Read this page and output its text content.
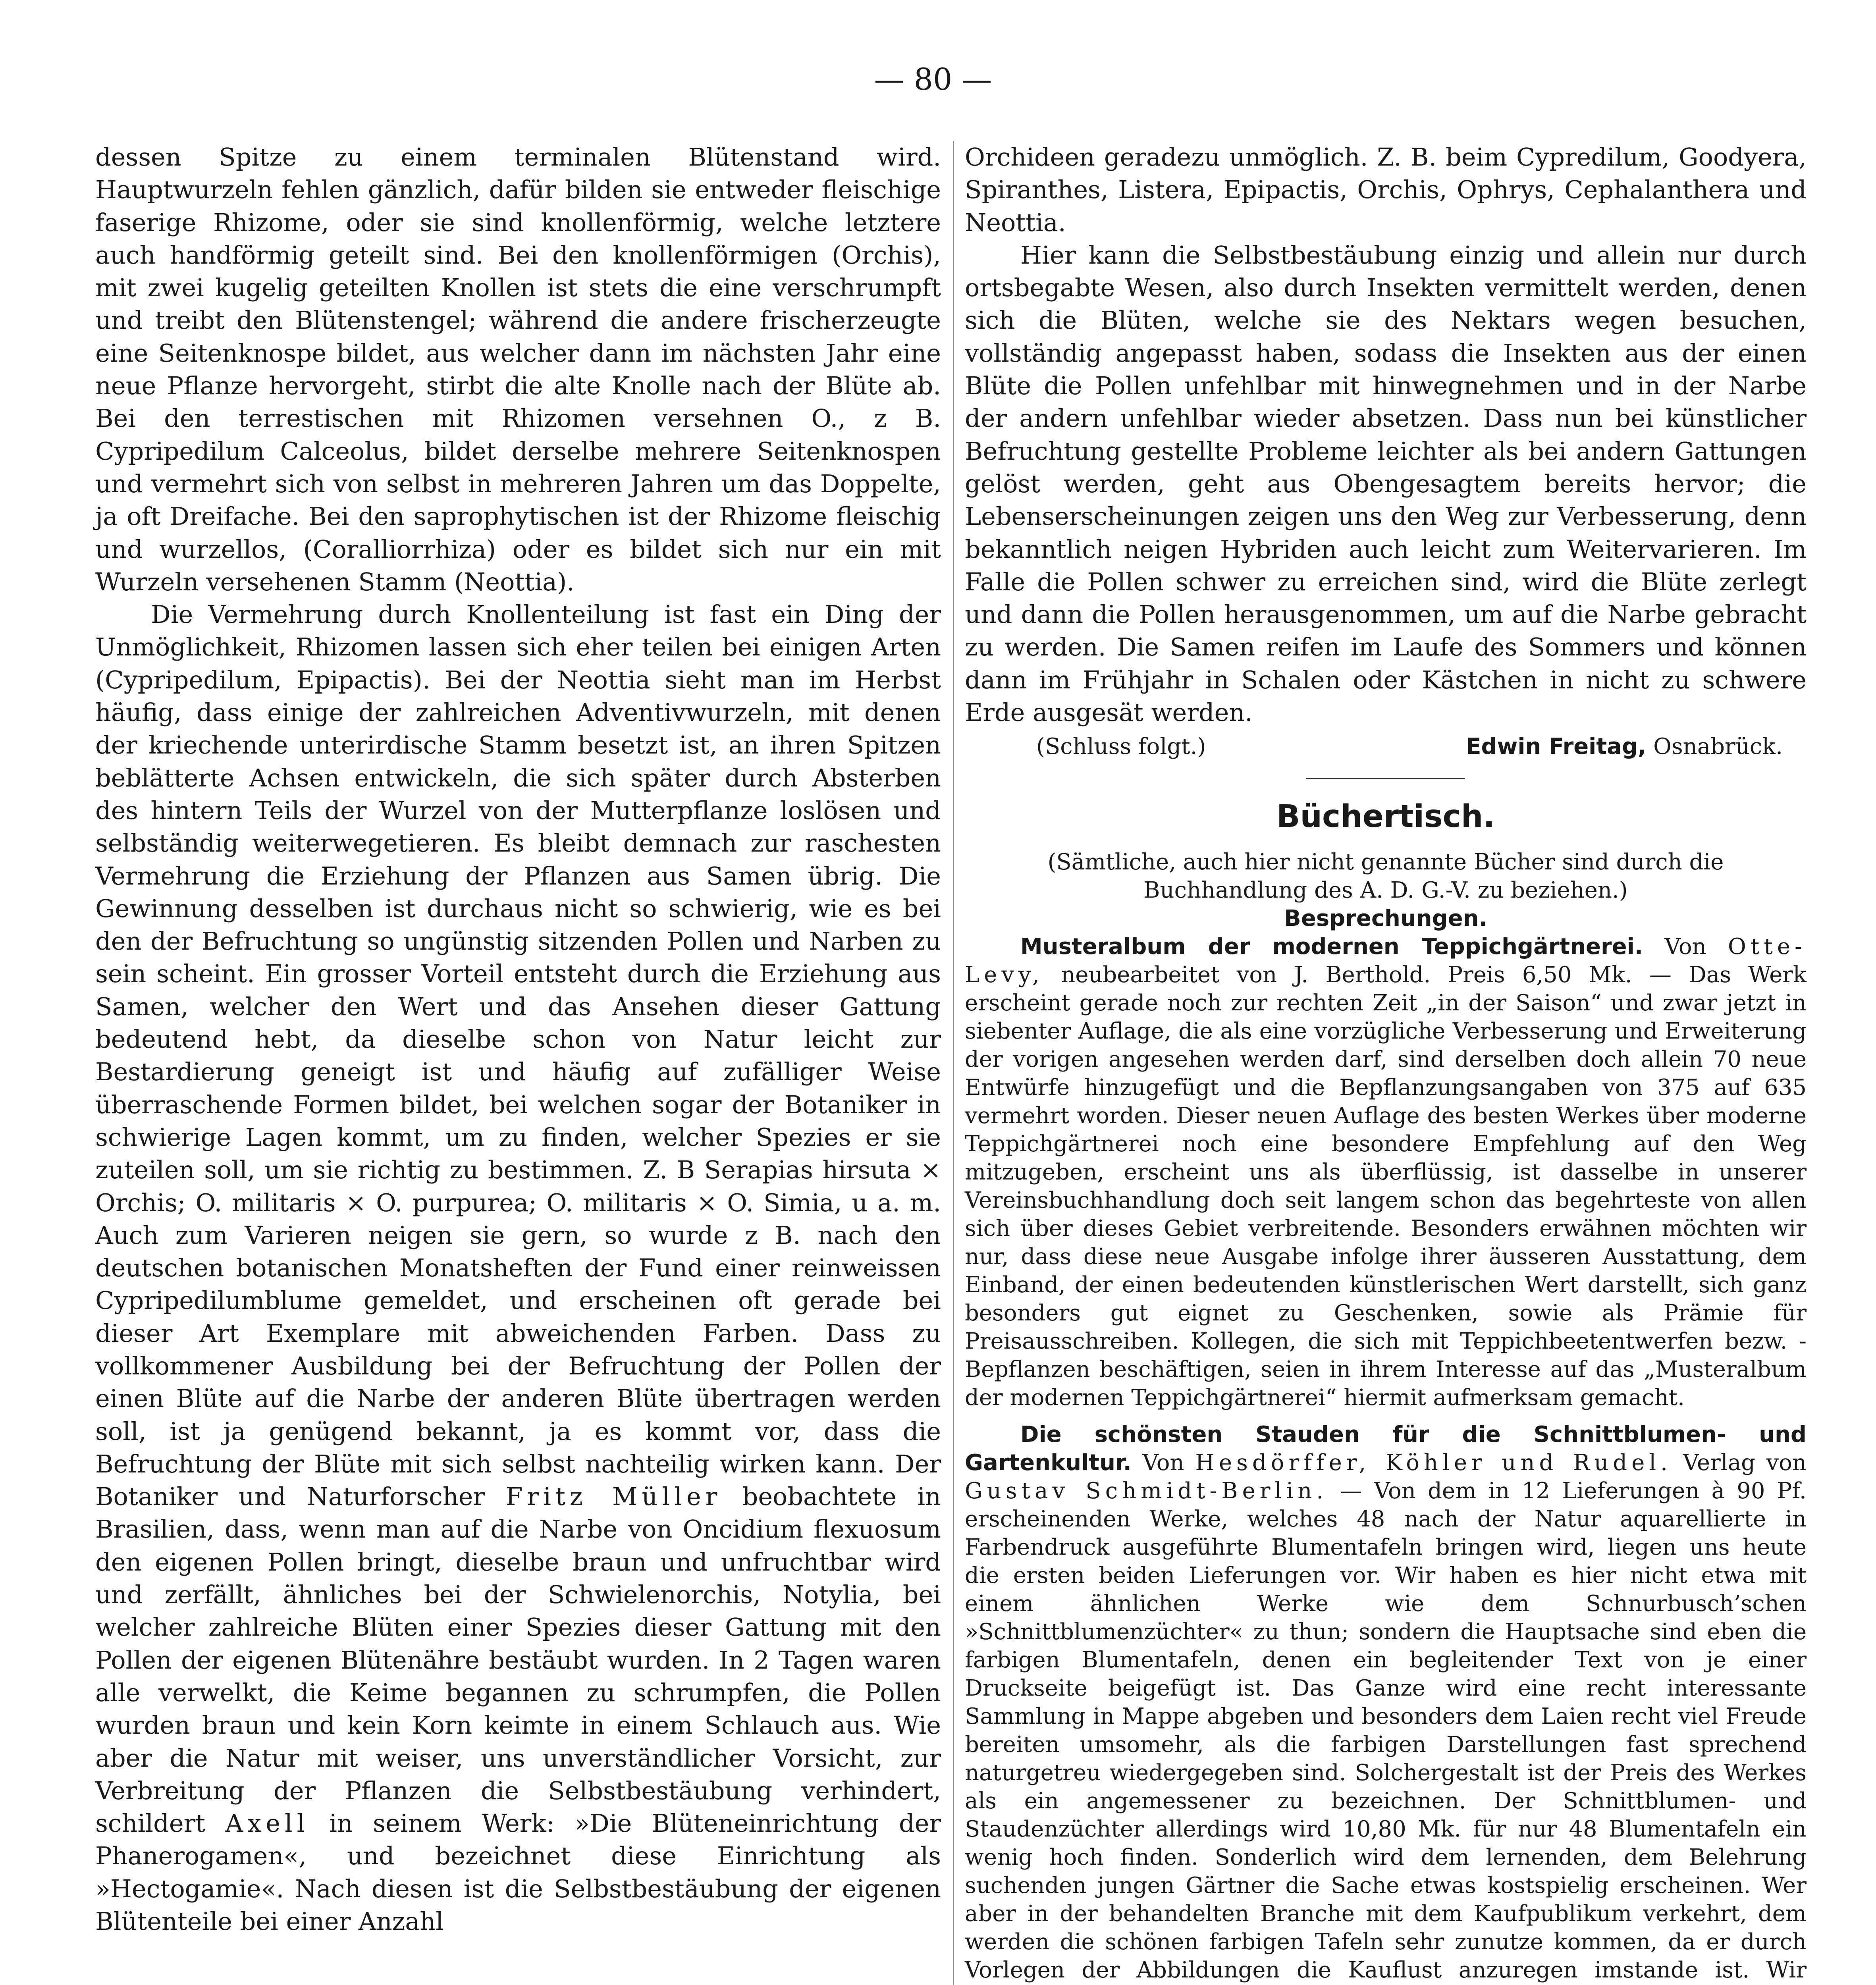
— 80 —

dessen Spitze zu einem terminalen Blütenstand wird. Hauptwurzeln fehlen gänzlich, dafür bilden sie entweder fleischige faserige Rhizome, oder sie sind knollenförmig, welche letztere auch handförmig geteilt sind. Bei den knollenförmigen (Orchis), mit zwei kugelig geteilten Knollen ist stets die eine verschrumpft und treibt den Blütenstengel; während die andere frischerzeugte eine Seitenknospe bildet, aus welcher dann im nächsten Jahr eine neue Pflanze hervorgeht, stirbt die alte Knolle nach der Blüte ab. Bei den terrestischen mit Rhizomen versehnen O., z B. Cypripedilum Calceolus, bildet derselbe mehrere Seitenknospen und vermehrt sich von selbst in mehreren Jahren um das Doppelte, ja oft Dreifache. Bei den saprophytischen ist der Rhizome fleischig und wurzellos, (Coralliorrhiza) oder es bildet sich nur ein mit Wurzeln versehenen Stamm (Neottia).

Die Vermehrung durch Knollenteilung ist fast ein Ding der Unmöglichkeit, Rhizomen lassen sich eher teilen bei einigen Arten (Cypripedilum, Epipactis). Bei der Neottia sieht man im Herbst häufig, dass einige der zahlreichen Adventivwurzeln, mit denen der kriechende unterirdische Stamm besetzt ist, an ihren Spitzen beblätterte Achsen entwickeln, die sich später durch Absterben des hintern Teils der Wurzel von der Mutterpflanze loslösen und selbständig weiterwegetieren. Es bleibt demnach zur raschesten Vermehrung die Erziehung der Pflanzen aus Samen übrig. Die Gewinnung desselben ist durchaus nicht so schwierig, wie es bei den der Befruchtung so ungünstig sitzenden Pollen und Narben zu sein scheint. Ein grosser Vorteil entsteht durch die Erziehung aus Samen, welcher den Wert und das Ansehen dieser Gattung bedeutend hebt, da dieselbe schon von Natur leicht zur Bestardierung geneigt ist und häufig auf zufälliger Weise überraschende Formen bildet, bei welchen sogar der Botaniker in schwierige Lagen kommt, um zu finden, welcher Spezies er sie zuteilen soll, um sie richtig zu bestimmen. Z. B Serapias hirsuta × Orchis; O. militaris × O. purpurea; O. militaris × O. Simia, u a. m. Auch zum Varieren neigen sie gern, so wurde z B. nach den deutschen botanischen Monatsheften der Fund einer reinweissen Cypripedilumblume gemeldet, und erscheinen oft gerade bei dieser Art Exemplare mit abweichenden Farben. Dass zu vollkommener Ausbildung bei der Befruchtung der Pollen der einen Blüte auf die Narbe der anderen Blüte übertragen werden soll, ist ja genügend bekannt, ja es kommt vor, dass die Befruchtung der Blüte mit sich selbst nachteilig wirken kann. Der Botaniker und Naturforscher Fritz Müller beobachtete in Brasilien, dass, wenn man auf die Narbe von Oncidium flexuosum den eigenen Pollen bringt, dieselbe braun und unfruchtbar wird und zerfällt, ähnliches bei der Schwielenorchis, Notylia, bei welcher zahlreiche Blüten einer Spezies dieser Gattung mit den Pollen der eigenen Blütenähre bestäubt wurden. In 2 Tagen waren alle verwelkt, die Keime begannen zu schrumpfen, die Pollen wurden braun und kein Korn keimte in einem Schlauch aus. Wie aber die Natur mit weiser, uns unverständlicher Vorsicht, zur Verbreitung der Pflanzen die Selbstbestäubung verhindert, schildert Axell in seinem Werk: »Die Blüteneinrichtung der Phanerogamen«, und bezeichnet diese Einrichtung als »Hectogamie«. Nach diesen ist die Selbstbestäubung der eigenen Blütenteile bei einer Anzahl

Orchideen geradezu unmöglich. Z. B. beim Cypredilum, Goodyera, Spiranthes, Listera, Epipactis, Orchis, Ophrys, Cephalanthera und Neottia.

Hier kann die Selbstbestäubung einzig und allein nur durch ortsbegabte Wesen, also durch Insekten vermittelt werden, denen sich die Blüten, welche sie des Nektars wegen besuchen, vollständig angepasst haben, sodass die Insekten aus der einen Blüte die Pollen unfehlbar mit hinwegnehmen und in der Narbe der andern unfehlbar wieder absetzen. Dass nun bei künstlicher Befruchtung gestellte Probleme leichter als bei andern Gattungen gelöst werden, geht aus Obengesagtem bereits hervor; die Lebenserscheinungen zeigen uns den Weg zur Verbesserung, denn bekanntlich neigen Hybriden auch leicht zum Weitervarieren. Im Falle die Pollen schwer zu erreichen sind, wird die Blüte zerlegt und dann die Pollen herausgenommen, um auf die Narbe gebracht zu werden. Die Samen reifen im Laufe des Sommers und können dann im Frühjahr in Schalen oder Kästchen in nicht zu schwere Erde ausgesät werden.

(Schluss folgt.)	Edwin Freitag, Osnabrück.
Büchertisch.

(Sämtliche, auch hier nicht genannte Bücher sind durch die Buchhandlung des A. D. G.-V. zu beziehen.)

Besprechungen.

Musteralbum der modernen Teppichgärtnerei. Von Otte-Levy, neubearbeitet von J. Berthold. Preis 6,50 Mk. — Das Werk erscheint gerade noch zur rechten Zeit „in der Saison“ und zwar jetzt in siebenter Auflage, die als eine vorzügliche Verbesserung und Erweiterung der vorigen angesehen werden darf, sind derselben doch allein 70 neue Entwürfe hinzugefügt und die Bepflanzungsangaben von 375 auf 635 vermehrt worden. Dieser neuen Auflage des besten Werkes über moderne Teppichgärtnerei noch eine besondere Empfehlung auf den Weg mitzugeben, erscheint uns als überflüssig, ist dasselbe in unserer Vereinsbuchhandlung doch seit langem schon das begehrteste von allen sich über dieses Gebiet verbreitende. Besonders erwähnen möchten wir nur, dass diese neue Ausgabe infolge ihrer äusseren Ausstattung, dem Einband, der einen bedeutenden künstlerischen Wert darstellt, sich ganz besonders gut eignet zu Geschenken, sowie als Prämie für Preisausschreiben. Kollegen, die sich mit Teppichbeetentwerfen bezw. -Bepflanzen beschäftigen, seien in ihrem Interesse auf das „Musteralbum der modernen Teppichgärtnerei“ hiermit aufmerksam gemacht.

Die schönsten Stauden für die Schnittblumen- und Gartenkultur. Von Hesdörffer, Köhler und Rudel. Verlag von Gustav Schmidt-Berlin. — Von dem in 12 Lieferungen à 90 Pf. erscheinenden Werke, welches 48 nach der Natur aquarellierte in Farbendruck ausgeführte Blumentafeln bringen wird, liegen uns heute die ersten beiden Lieferungen vor. Wir haben es hier nicht etwa mit einem ähnlichen Werke wie dem Schnurbusch’schen »Schnittblumenzüchter« zu thun; sondern die Hauptsache sind eben die farbigen Blumentafeln, denen ein begleitender Text von je einer Druckseite beigefügt ist. Das Ganze wird eine recht interessante Sammlung in Mappe abgeben und besonders dem Laien recht viel Freude bereiten umsomehr, als die farbigen Darstellungen fast sprechend naturgetreu wiedergegeben sind. Solchergestalt ist der Preis des Werkes als ein angemessener zu bezeichnen. Der Schnittblumen- und Staudenzüchter allerdings wird 10,80 Mk. für nur 48 Blumentafeln ein wenig hoch finden. Sonderlich wird dem lernenden, dem Belehrung suchenden jungen Gärtner die Sache etwas kostspielig erscheinen. Wer aber in der behandelten Branche mit dem Kaufpublikum verkehrt, dem werden die schönen farbigen Tafeln sehr zunutze kommen, da er durch Vorlegen der Abbildungen die Kauflust anzuregen imstande ist. Wir
